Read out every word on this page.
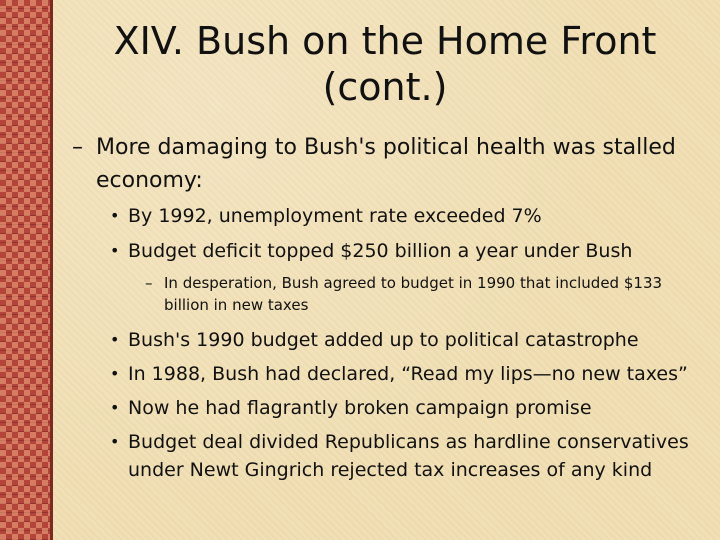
XIV. Bush on the Home Front
(cont.)
– More damaging to Bush's political health was stalled economy:
• By 1992, unemployment rate exceeded 7%
• Budget deficit topped $250 billion a year under Bush
– In desperation, Bush agreed to budget in 1990 that included $133 billion in new taxes
• Bush's 1990 budget added up to political catastrophe
• In 1988, Bush had declared, “Read my lips—no new taxes”
• Now he had flagrantly broken campaign promise
• Budget deal divided Republicans as hardline conservatives under Newt Gingrich rejected tax increases of any kind
